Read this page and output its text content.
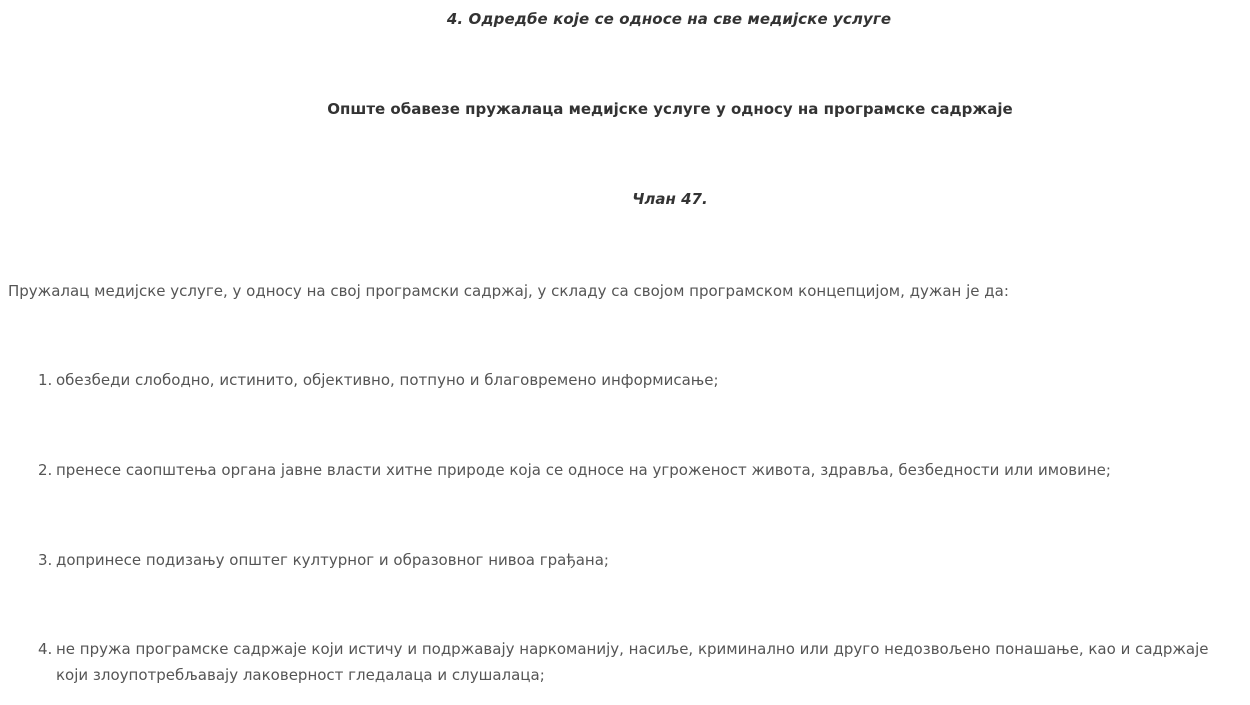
4. Одредбе које се односе на све медијске услуге
Опште обавезе пружалаца медијске услуге у односу на програмске садржаје
Члан 47.

Пружалац медијске услуге, у односу на свој програмски садржај, у складу са својом програмском концепцијом, дужан је да:

1. обезбеди слободно, истинито, објективно, потпуно и благовремено информисање;
2. пренесе саопштења органа јавне власти хитне природе која се односе на угроженост живота, здравља, безбедности или имовине;
3. допринесе подизању општег културног и образовног нивоа грађана;
4. не пружа програмске садржаје који истичу и подржавају наркоманију, насиље, криминално или друго недозвољено понашање, као и садржаје који злоупотребљавају лаковерност гледалаца и слушалаца;
